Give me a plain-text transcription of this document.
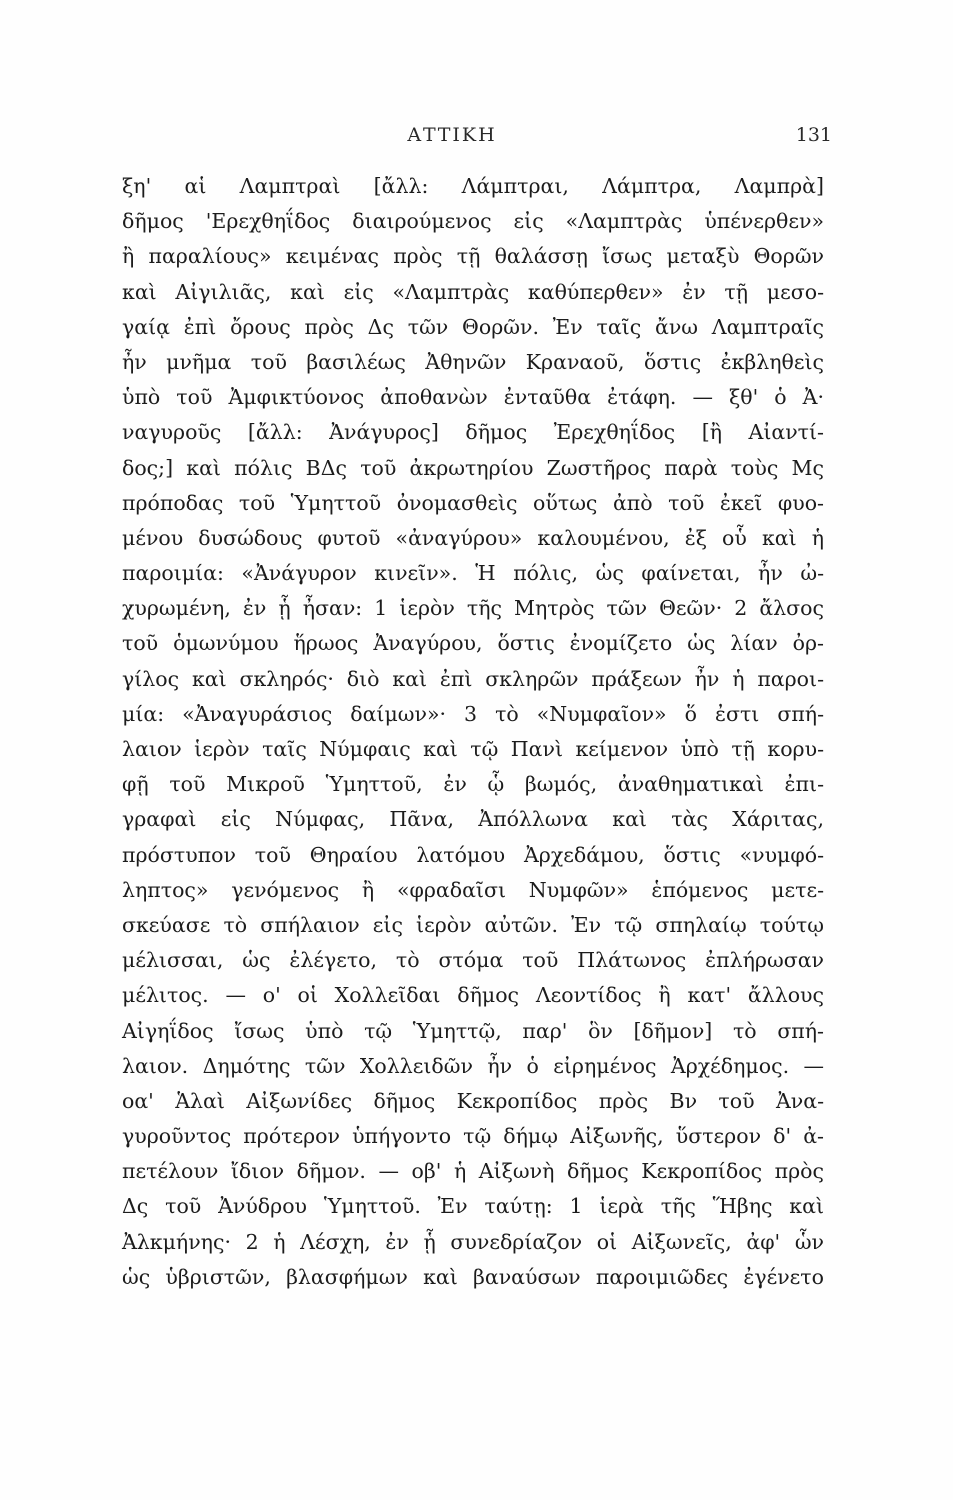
ΑΤΤΙΚΗ	131
ξη' αἱ Λαμπτραὶ [ἄλλ: Λάμπτραι, Λάμπτρα, Λαμπρὰ]
δῆμος 'Ερεχθηΐδος διαιρούμενος εἰς «Λαμπτρὰς ὑπένερθεν»
ἢ παραλίους» κειμένας πρὸς τῇ θαλάσσῃ ἴσως μεταξὺ Θορῶν
καὶ Αἰγιλιᾶς, καὶ εἰς «Λαμπτρὰς καθύπερθεν» ἐν τῇ μεσο-
γαίᾳ ἐπὶ ὄρους πρὸς Δς τῶν Θορῶν. Ἐν ταῖς ἄνω Λαμπτραῖς
ἦν μνῆμα τοῦ βασιλέως Ἀθηνῶν Κραναοῦ, ὅστις ἐκβληθεὶς
ὑπὸ τοῦ Ἀμφικτύονος ἀποθανὼν ἐνταῦθα ἐτάφη. — ξθ' ὁ Ἀ·
ναγυροῦς [ἄλλ: Ἀνάγυρος] δῆμος Ἐρεχθηΐδος [ἢ Αἰαντί-
δος;] καὶ πόλις ΒΔς τοῦ ἀκρωτηρίου Ζωστῆρος παρὰ τοὺς Μς
πρόποδας τοῦ Ὑμηττοῦ ὀνομασθεὶς οὕτως ἀπὸ τοῦ ἐκεῖ φυο-
μένου δυσώδους φυτοῦ «ἀναγύρου» καλουμένου, ἐξ οὗ καὶ ἡ
παροιμία: «Ἀνάγυρον κινεῖν». Ἡ πόλις, ὡς φαίνεται, ἦν ὠ-
χυρωμένη, ἐν ᾗ ἦσαν: 1 ἱερὸν τῆς Μητρὸς τῶν Θεῶν· 2 ἄλσος
τοῦ ὁμωνύμου ἥρωος Ἀναγύρου, ὅστις ἐνομίζετο ὡς λίαν ὀρ-
γίλος καὶ σκληρός· διὸ καὶ ἐπὶ σκληρῶν πράξεων ἦν ἡ παροι-
μία: «Ἀναγυράσιος δαίμων»· 3 τὸ «Νυμφαῖον» ὅ ἐστι σπή-
λαιον ἱερὸν ταῖς Νύμφαις καὶ τῷ Πανὶ κείμενον ὑπὸ τῇ κορυ-
φῇ τοῦ Μικροῦ Ὑμηττοῦ, ἐν ᾧ βωμός, ἀναθηματικαὶ ἐπι-
γραφαὶ εἰς Νύμφας, Πᾶνα, Ἀπόλλωνα καὶ τὰς Χάριτας,
πρόστυπον τοῦ Θηραίου λατόμου Ἀρχεδάμου, ὅστις «νυμφό-
ληπτος» γενόμενος ἢ «φραδαῖσι Νυμφῶν» ἑπόμενος μετε-
σκεύασε τὸ σπήλαιον εἰς ἱερὸν αὐτῶν. Ἐν τῷ σπηλαίῳ τούτῳ
μέλισσαι, ὡς ἐλέγετο, τὸ στόμα τοῦ Πλάτωνος ἐπλήρωσαν
μέλιτος. — ο' οἱ Χολλεῖδαι δῆμος Λεοντίδος ἢ κατ' ἄλλους
Αἰγηΐδος ἴσως ὑπὸ τῷ Ὑμηττῷ, παρ' ὃν [δῆμον] τὸ σπή-
λαιον. Δημότης τῶν Χολλειδῶν ἦν ὁ εἰρημένος Ἀρχέδημος. —
οα' Ἁλαὶ Αἰξωνίδες δῆμος Κεκροπίδος πρὸς Βν τοῦ Ἀνα-
γυροῦντος πρότερον ὑπήγοντο τῷ δήμῳ Αἰξωνῆς, ὕστερον δ' ἀ-
πετέλουν ἴδιον δῆμον. — οβ' ἡ Αἰξωνὴ δῆμος Κεκροπίδος πρὸς
Δς τοῦ Ἀνύδρου Ὑμηττοῦ. Ἐν ταύτῃ: 1 ἱερὰ τῆς Ἥβης καὶ
Ἀλκμήνης· 2 ἡ Λέσχη, ἐν ᾗ συνεδρίαζον οἱ Αἰξωνεῖς, ἀφ' ὧν
ὡς ὑβριστῶν, βλασφήμων καὶ βαναύσων παροιμιῶδες ἐγένετο
